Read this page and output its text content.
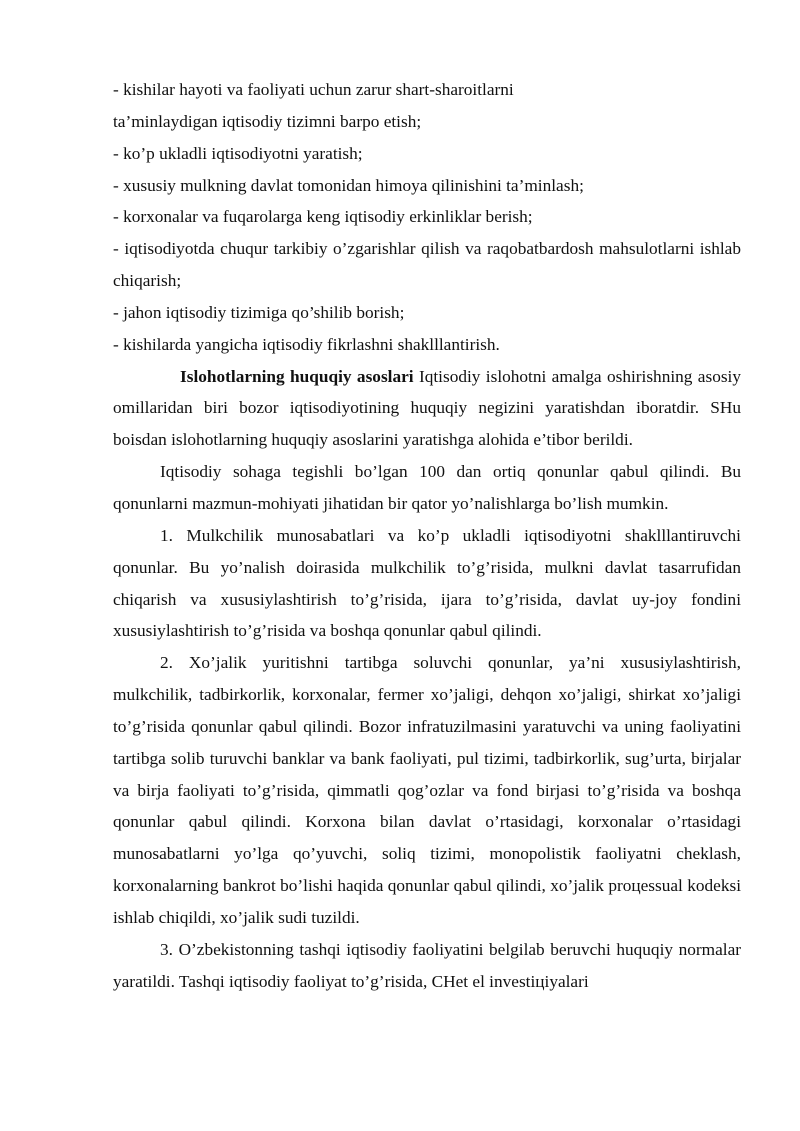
- kishilar hayoti va faoliyati uchun zarur shart-sharoitlarni
ta’minlaydigan iqtisodiy tizimni barpo etish;
- ko’p ukladli iqtisodiyotni yaratish;
- xususiy mulkning davlat tomonidan himoya qilinishini ta’minlash;
- korxonalar va fuqarolarga keng iqtisodiy erkinliklar berish;

- iqtisodiyotda chuqur tarkibiy o’zgarishlar qilish va raqobatbardosh mahsulotlarni ishlab chiqarish;

- jahon iqtisodiy tizimiga qo’shilib borish;
- kishilarda yangicha iqtisodiy fikrlashni shaklllantirish.

Islohotlarning huquqiy asoslari Iqtisodiy islohotni amalga oshirishning asosiy omillaridan biri bozor iqtisodiyotining huquqiy negizini yaratishdan iboratdir. SHu boisdan islohotlarning huquqiy asoslarini yaratishga alohida e’tibor berildi.

Iqtisodiy sohaga tegishli bo’lgan 100 dan ortiq qonunlar qabul qilindi. Bu qonunlarni mazmun-mohiyati jihatidan bir qator yo’nalishlarga bo’lish mumkin.

1. Mulkchilik munosabatlari va ko’p ukladli iqtisodiyotni shaklllantiruvchi qonunlar. Bu yo’nalish doirasida mulkchilik to’g’risida, mulkni davlat tasarrufidan chiqarish va xususiylashtirish to’g’risida, ijara to’g’risida, davlat uy-joy fondini xususiylashtirish to’g’risida va boshqa qonunlar qabul qilindi.

2. Xo’jalik yuritishni tartibga soluvchi qonunlar, ya’ni xususiylashtirish, mulkchilik, tadbirkorlik, korxonalar, fermer xo’jaligi, dehqon xo’jaligi, shirkat xo’jaligi to’g’risida qonunlar qabul qilindi. Bozor infratuzilmasini yaratuvchi va uning faoliyatini tartibga solib turuvchi banklar va bank faoliyati, pul tizimi, tadbirkorlik, sug’urta, birjalar va birja faoliyati to’g’risida, qimmatli qog’ozlar va fond birjasi to’g’risida va boshqa qonunlar qabul qilindi. Korxona bilan davlat o’rtasidagi, korxonalar o’rtasidagi munosabatlarni yo’lga qo’yuvchi, soliq tizimi, monopolistik faoliyatni cheklash, korxonalarning bankrot bo’lishi haqida qonunlar qabul qilindi, xo’jalik proцessual kodeksi ishlab chiqildi, xo’jalik sudi tuzildi.

3. O’zbekistonning tashqi iqtisodiy faoliyatini belgilab beruvchi huquqiy normalar yaratildi. Tashqi iqtisodiy faoliyat to’g’risida, CHet el investiцiyalari
